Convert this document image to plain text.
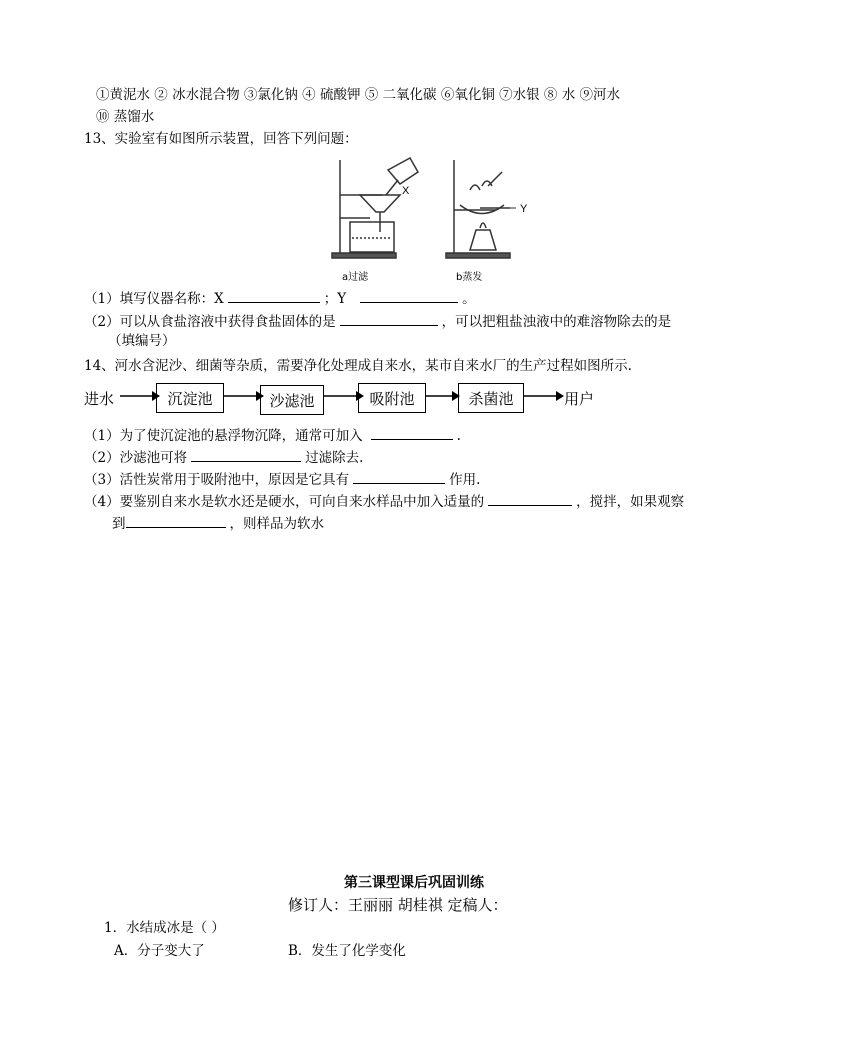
①黄泥水 ② 冰水混合物 ③氯化钠 ④ 硫酸钾 ⑤ 二氧化碳 ⑥氧化铜 ⑦水银 ⑧ 水 ⑨河水
⑩ 蒸馏水
13、实验室有如图所示装置，回答下列问题：
X
a过滤
Y
b蒸发
（1）填写仪器名称：X	；Y	。
（2）可以从食盐溶液中获得食盐固体的是	，可以把粗盐浊液中的难溶物除去的是
（填编号）
14、河水含泥沙、细菌等杂质，需要净化处理成自来水，某市自来水厂的生产过程如图所示.
进水	沉淀池	沙滤池	吸附池	杀菌池	用户
（1）为了使沉淀池的悬浮物沉降，通常可加入	.
（2）沙滤池可将	过滤除去.
（3）活性炭常用于吸附池中，原因是它具有	作用.
（4）要鉴别自来水是软水还是硬水，可向自来水样品中加入适量的	，搅拌，如果观察
到	，则样品为软水
第三课型课后巩固训练
修订人：王丽丽 胡桂祺 定稿人：
1．水结成冰是（ ）
A．分子变大了	B．发生了化学变化
